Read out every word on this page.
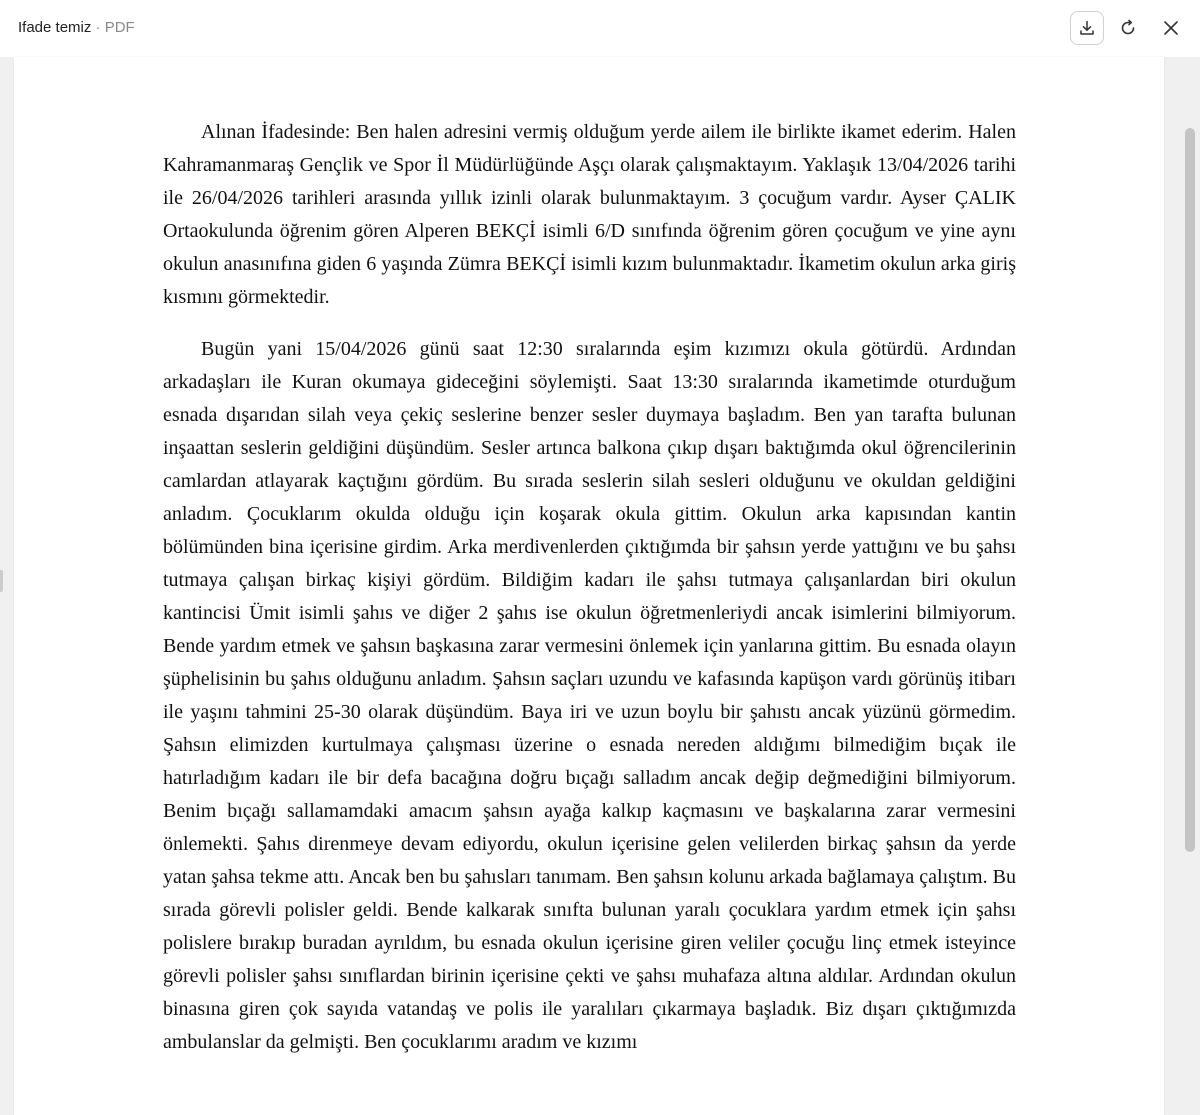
Ifade temiz · PDF

Alınan İfadesinde: Ben halen adresini vermiş olduğum yerde ailem ile birlikte ikamet ederim. Halen Kahramanmaraş Gençlik ve Spor İl Müdürlüğünde Aşçı olarak çalışmaktayım. Yaklaşık 13/04/2026 tarihi ile 26/04/2026 tarihleri arasında yıllık izinli olarak bulunmaktayım. 3 çocuğum vardır. Ayser ÇALIK Ortaokulunda öğrenim gören Alperen BEKÇİ isimli 6/D sınıfında öğrenim gören çocuğum ve yine aynı okulun anasınıfına giden 6 yaşında Zümra BEKÇİ isimli kızım bulunmaktadır. İkametim okulun arka giriş kısmını görmektedir.

Bugün yani 15/04/2026 günü saat 12:30 sıralarında eşim kızımızı okula götürdü. Ardından arkadaşları ile Kuran okumaya gideceğini söylemişti. Saat 13:30 sıralarında ikametimde oturduğum esnada dışarıdan silah veya çekiç seslerine benzer sesler duymaya başladım. Ben yan tarafta bulunan inşaattan seslerin geldiğini düşündüm. Sesler artınca balkona çıkıp dışarı baktığımda okul öğrencilerinin camlardan atlayarak kaçtığını gördüm. Bu sırada seslerin silah sesleri olduğunu ve okuldan geldiğini anladım. Çocuklarım okulda olduğu için koşarak okula gittim. Okulun arka kapısından kantin bölümünden bina içerisine girdim. Arka merdivenlerden çıktığımda bir şahsın yerde yattığını ve bu şahsı tutmaya çalışan birkaç kişiyi gördüm. Bildiğim kadarı ile şahsı tutmaya çalışanlardan biri okulun kantincisi Ümit isimli şahıs ve diğer 2 şahıs ise okulun öğretmenleriydi ancak isimlerini bilmiyorum. Bende yardım etmek ve şahsın başkasına zarar vermesini önlemek için yanlarına gittim. Bu esnada olayın şüphelisinin bu şahıs olduğunu anladım. Şahsın saçları uzundu ve kafasında kapüşon vardı görünüş itibarı ile yaşını tahmini 25-30 olarak düşündüm. Baya iri ve uzun boylu bir şahıstı ancak yüzünü görmedim. Şahsın elimizden kurtulmaya çalışması üzerine o esnada nereden aldığımı bilmediğim bıçak ile hatırladığım kadarı ile bir defa bacağına doğru bıçağı salladım ancak değip değmediğini bilmiyorum. Benim bıçağı sallamamdaki amacım şahsın ayağa kalkıp kaçmasını ve başkalarına zarar vermesini önlemekti. Şahıs direnmeye devam ediyordu, okulun içerisine gelen velilerden birkaç şahsın da yerde yatan şahsa tekme attı. Ancak ben bu şahısları tanımam. Ben şahsın kolunu arkada bağlamaya çalıştım. Bu sırada görevli polisler geldi. Bende kalkarak sınıfta bulunan yaralı çocuklara yardım etmek için şahsı polislere bırakıp buradan ayrıldım, bu esnada okulun içerisine giren veliler çocuğu linç etmek isteyince görevli polisler şahsı sınıflardan birinin içerisine çekti ve şahsı muhafaza altına aldılar. Ardından okulun binasına giren çok sayıda vatandaş ve polis ile yaralıları çıkarmaya başladık. Biz dışarı çıktığımızda ambulanslar da gelmişti. Ben çocuklarımı aradım ve kızımı
